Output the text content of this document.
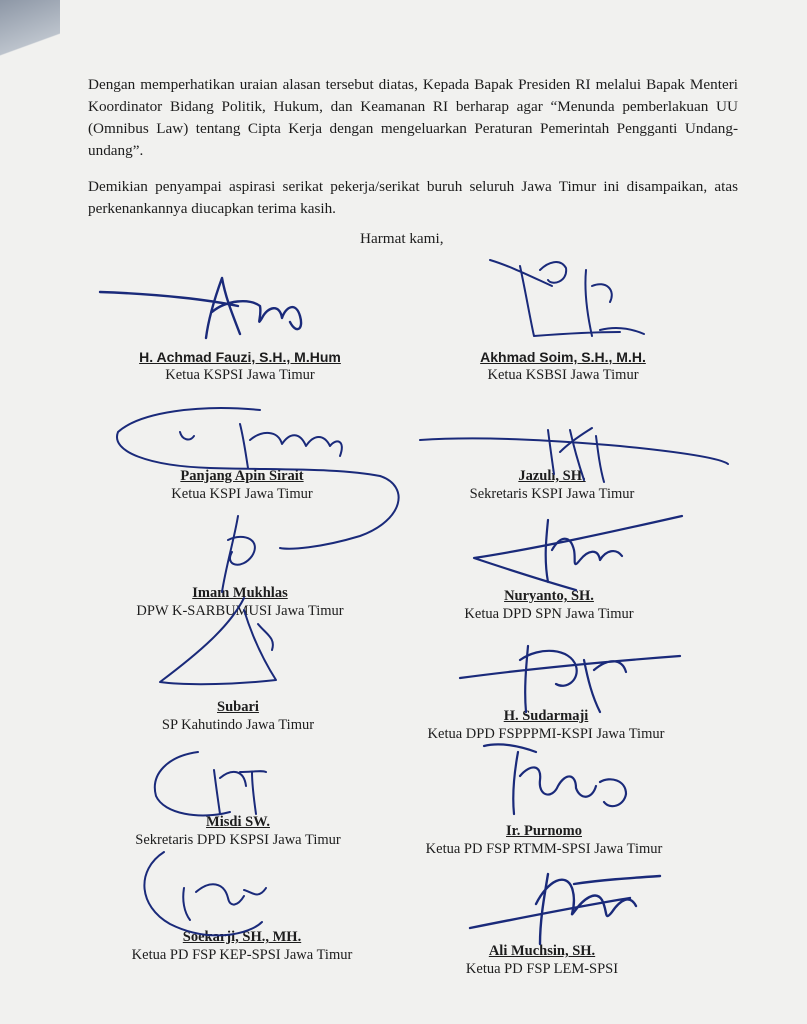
Dengan memperhatikan uraian alasan tersebut diatas, Kepada Bapak Presiden RI melalui Bapak Menteri Koordinator Bidang Politik, Hukum, dan Keamanan RI berharap agar “Menunda pemberlakuan UU (Omnibus Law) tentang Cipta Kerja dengan mengeluarkan Peraturan Pemerintah Pengganti Undang-undang”.

Demikian penyampai aspirasi serikat pekerja/serikat buruh seluruh Jawa Timur ini disampaikan, atas perkenankannya diucapkan terima kasih.

Harmat kami,
H. Achmad Fauzi, S.H., M.Hum
Ketua KSPSI Jawa Timur
Akhmad Soim, S.H., M.H.
Ketua KSBSI Jawa Timur
Panjang Apin Sirait
Ketua KSPI Jawa Timur
Jazuli, SH.
Sekretaris KSPI Jawa Timur
Imam Mukhlas
DPW K-SARBUMUSI Jawa Timur
Nuryanto, SH.
Ketua DPD SPN Jawa Timur
Subari
SP Kahutindo Jawa Timur
H. Sudarmaji
Ketua DPD FSPPPMI-KSPI Jawa Timur
Misdi SW.
Sekretaris DPD KSPSI Jawa Timur
Ir. Purnomo
Ketua PD FSP RTMM-SPSI Jawa Timur
Soekarji, SH., MH.
Ketua PD FSP KEP-SPSI Jawa Timur	Ali Muchsin, SH.
Ketua PD FSP LEM-SPSI
